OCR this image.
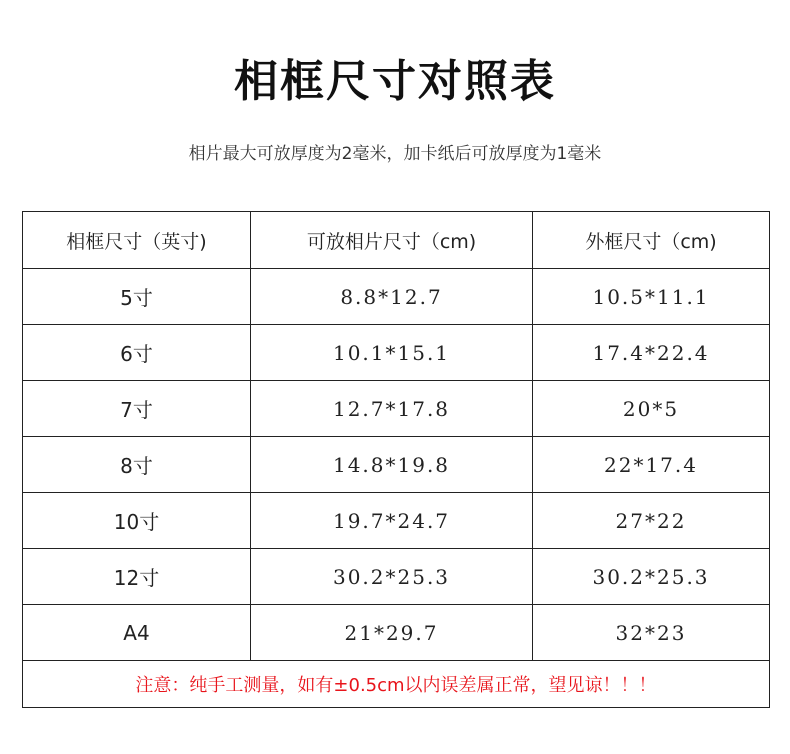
相框尺寸对照表
相片最大可放厚度为2毫米，加卡纸后可放厚度为1毫米
相框尺寸（英寸)	可放相片尺寸（cm)	外框尺寸（cm)
5寸	8.8*12.7	10.5*11.1
6寸	10.1*15.1	17.4*22.4
7寸	12.7*17.8	20*5
8寸	14.8*19.8	22*17.4
10寸	19.7*24.7	27*22
12寸	30.2*25.3	30.2*25.3
A4	21*29.7	32*23
注意：纯手工测量，如有±0.5cm以内误差属正常，望见谅！！！		
